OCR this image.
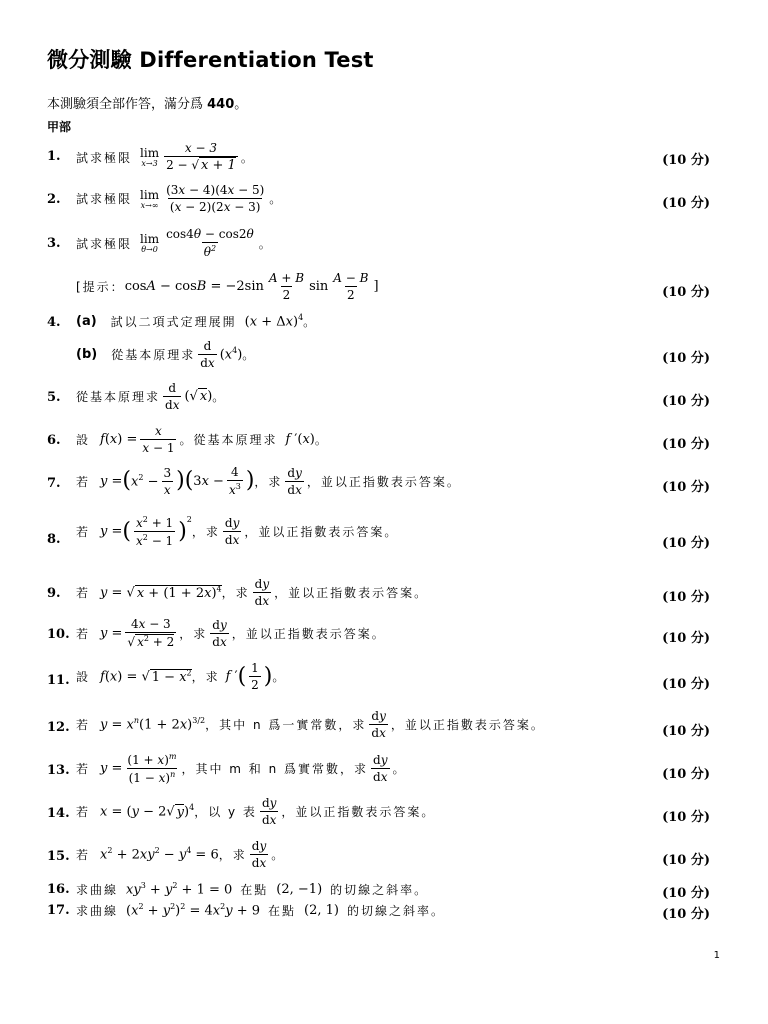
微分測驗 Differentiation Test
本測驗須全部作答，滿分爲 440。
甲部
1. 試求極限 lim
$x\to 3 \frac{x - 3}{2 - √ x + 1}$ 。	(10 分)
2. 試求極限 lim
$x\to\infty \frac{(3x - 4)(4x - 5)}{(x - 2)(2x - 3)}$ 。	(10 分)
3. 試求極限 lim
$\theta\to 0 \frac{\cos 4\theta - \cos 2\theta}{\theta^2}$ 。
[提示： $\cos A - \cos B = -2\sin \frac{A + B}{2}$ $\sin \frac{A - B}{2}$ ]	(10 分)
4. (a) 試以二項式定理展開 $(x + \Delta x)^4$ 。
(b) 從基本原理求 $\frac{d}{dx} (x^4)$ 。	(10 分)
5. 從基本原理求 $\frac{d}{dx}$ (√ x) 。	(10 分)
6. 設 $f(x) = \frac{x}{x - 1}$ 。從基本原理求 f ′(x) 。	(10 分)
7. 若 y = ( $x^2 - \frac{3}{x}$ )( $3x - \frac{4}{x^3}$ ) ，求 $\frac{dy}{dx}$ ，並以正指數表示答案。	(10 分)
8. 若 y = ( $\frac{x^2 + 1}{x^2 - 1} )^2$
，求 $\frac{dy}{dx}$ ，並以正指數表示答案。
(10 分)
9. 若 y = √ $x + (1 + 2x)^4$ ，求 $\frac{dy}{dx}$ ，並以正指數表示答案。	(10 分)
10. 若 $y = \frac{4x - 3}{√ x^2 + 2}$ ，求 $\frac{dy}{dx}$ ，並以正指數表示答案。	(10 分)
11. 設 f(x) = √ $1 - x^2$ ，求 f ′ ( $\frac{1}{2}$ ) 。	(10 分)
12. 若 $y = x^n(1 + 2x)^{3/2}$ ，其中 n 爲一實常數，求 $\frac{dy}{dx}$ ，並以正指數表示答案。	(10 分)
13. 若 $y = \frac{(1 + x)^m}{(1 - x)^n}$ ，其中 m 和 n 爲實常數，求 $\frac{dy}{dx}$ 。	(10 分)
14. 若 x = (y − 2√ y)$^4$ ，以 y 表 $\frac{dy}{dx}$ ，並以正指數表示答案。	(10 分)
15. 若 $x^2 + 2xy^2 - y^4 = 6$ ，求 $\frac{dy}{dx}$ 。	(10 分)
16. 求曲線 $xy^3 + y^2 + 1 = 0$ 在點 (2, −1) 的切線之斜率。	(10 分)
17. 求曲線 $(x^2 + y^2)^2 = 4x^2y + 9$ 在點 (2, 1) 的切線之斜率。	(10 分)
1
